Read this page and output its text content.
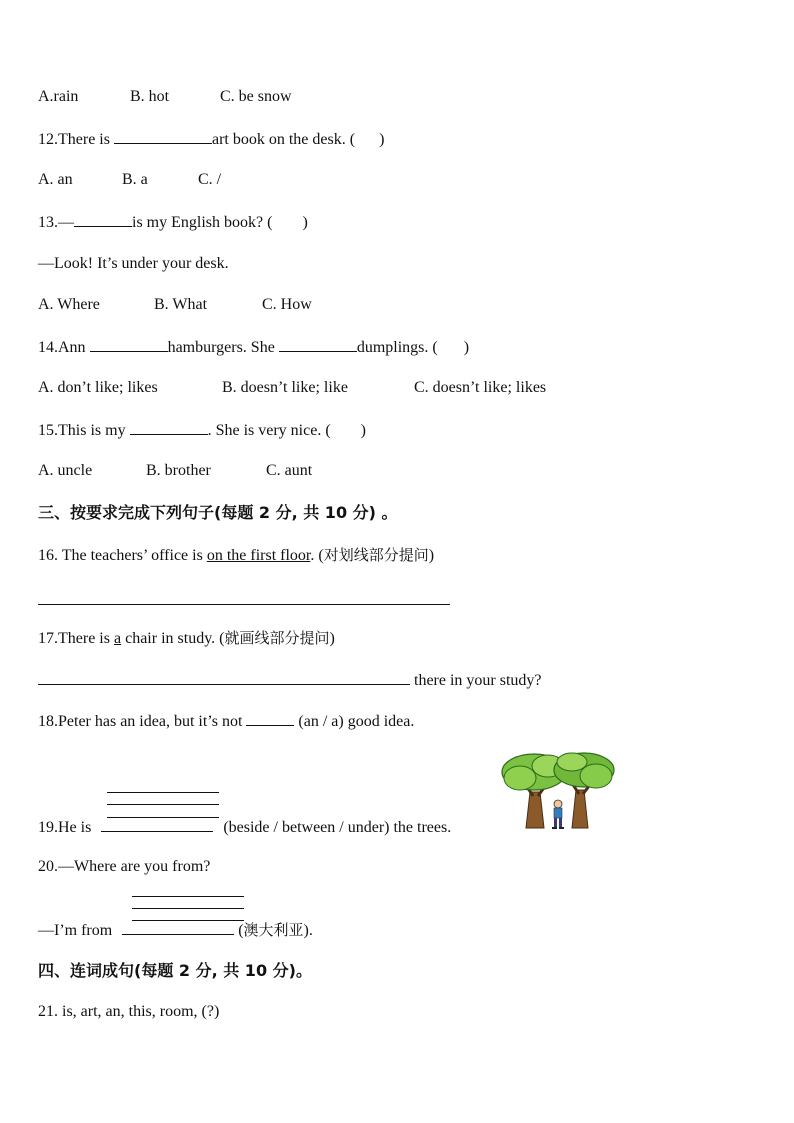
A.rain	B. hot	C. be snow
12.There is	art book on the desk. ( )
A. an	B. a	C. /
13.—	is my English book? ( )
—Look! It’s under your desk.
A. Where	B. What	C. How
14.Ann	hamburgers. She	dumplings. ( )
A. don’t like; likes	B. doesn’t like; like	C. doesn’t like; likes
15.This is my	. She is very nice. ( )
A. uncle	B. brother	C. aunt
三、按要求完成下列句子(每题 2 分, 共 10 分) 。
16. The teachers’ office is on the first floor. (对划线部分提问)
17.There is a chair in study. (就画线部分提问)
there in your study?
18.Peter has an idea, but it’s not	(an / a) good idea.
19.He is	(beside / between / under) the trees.
20.—Where are you from?
—I’m from	(澳大利亚).
四、连词成句(每题 2 分, 共 10 分)。
21. is, art, an, this, room, (?)
